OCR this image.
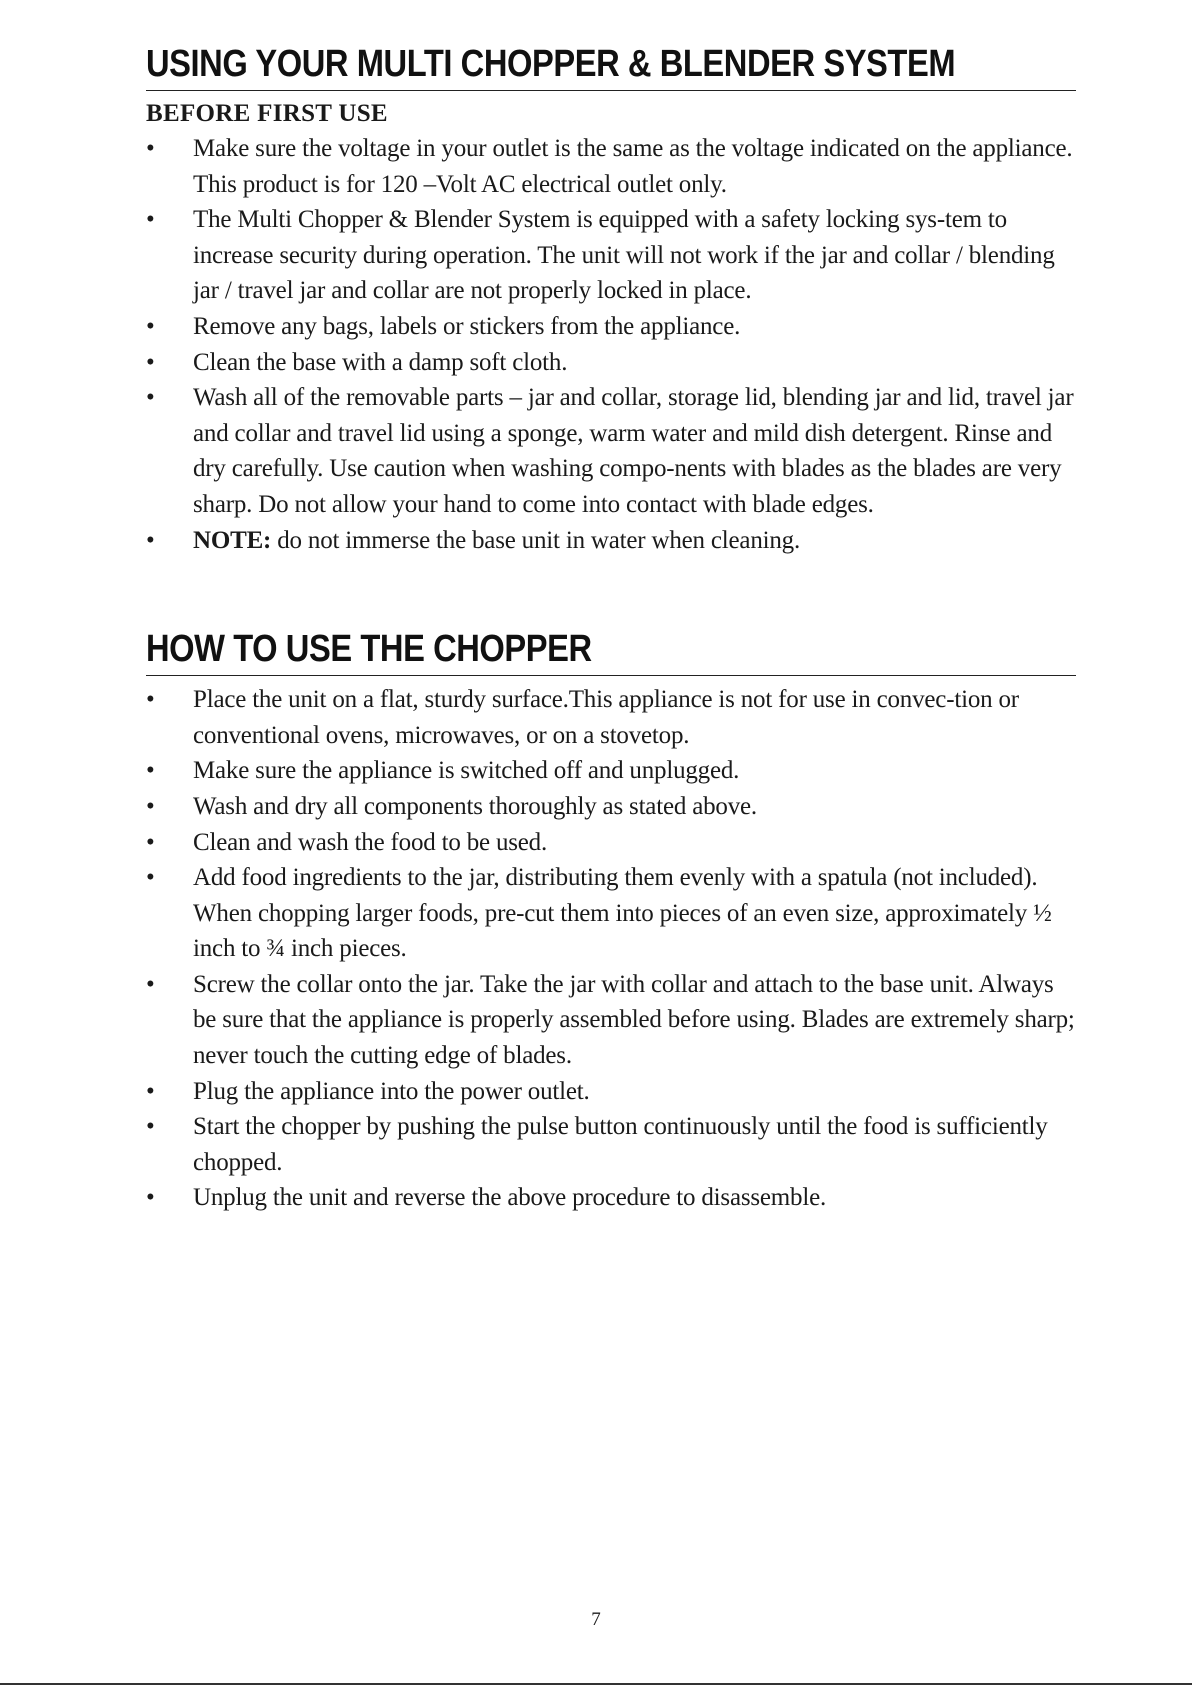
USING YOUR MULTI CHOPPER & BLENDER SYSTEM
BEFORE FIRST USE
•	Make sure the voltage in your outlet is the same as the voltage indicated on the appliance. This product is for 120 –Volt AC electrical outlet only.
•	The Multi Chopper & Blender System is equipped with a safety locking sys-tem to increase security during operation. The unit will not work if the jar and collar / blending jar / travel jar and collar are not properly locked in place.
•	Remove any bags, labels or stickers from the appliance.
•	Clean the base with a damp soft cloth.
•	Wash all of the removable parts – jar and collar, storage lid, blending jar and lid, travel jar and collar and travel lid using a sponge, warm water and mild dish detergent. Rinse and dry carefully. Use caution when washing compo-nents with blades as the blades are very sharp. Do not allow your hand to come into contact with blade edges.
•	NOTE: do not immerse the base unit in water when cleaning.
HOW TO USE THE CHOPPER
•	Place the unit on a flat, sturdy surface.This appliance is not for use in convec-tion or conventional ovens, microwaves, or on a stovetop.
•	Make sure the appliance is switched off and unplugged.
•	Wash and dry all components thoroughly as stated above.
•	Clean and wash the food to be used.
•	Add food ingredients to the jar, distributing them evenly with a spatula (not included). When chopping larger foods, pre-cut them into pieces of an even size, approximately ½ inch to ¾ inch pieces.
•	Screw the collar onto the jar. Take the jar with collar and attach to the base unit. Always be sure that the appliance is properly assembled before using. Blades are extremely sharp; never touch the cutting edge of blades.
•	Plug the appliance into the power outlet.
•	Start the chopper by pushing the pulse button continuously until the food is sufficiently chopped.
•	Unplug the unit and reverse the above procedure to disassemble.
7
